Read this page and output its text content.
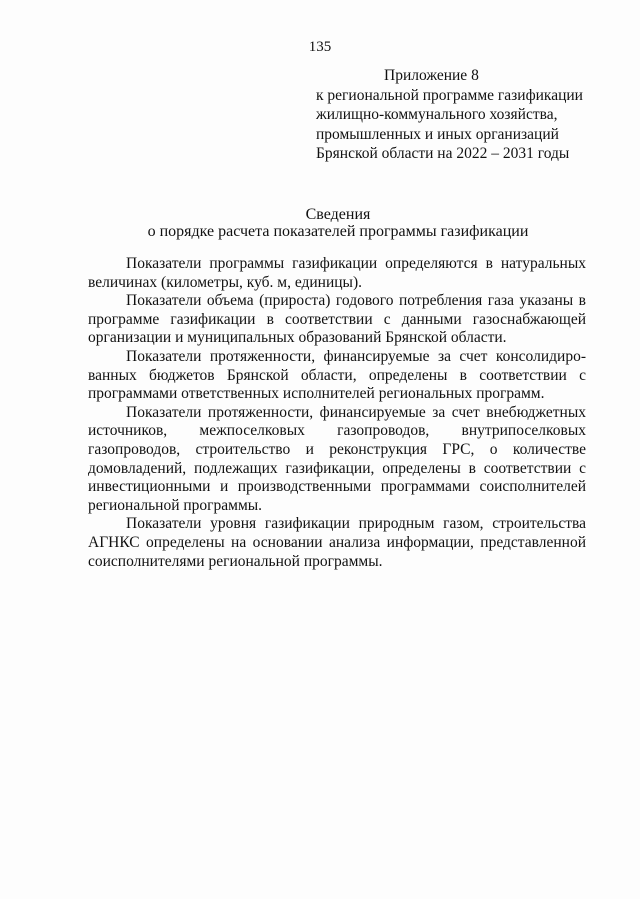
135
Приложение 8
к региональной программе газификации
жилищно-коммунального хозяйства,
промышленных и иных организаций
Брянской области на 2022 – 2031 годы
Сведения
о порядке расчета показателей программы газификации

Показатели программы газификации определяются в натуральных величинах (километры, куб. м, единицы).

Показатели объема (прироста) годового потребления газа указаны в программе газификации в соответствии с данными газоснабжающей организации и муниципальных образований Брянской области.

Показатели протяженности, финансируемые за счет консолидированных бюджетов Брянской области, определены в соответствии с программами ответственных исполнителей региональных программ.

Показатели протяженности, финансируемые за счет внебюджетных источников, межпоселковых газопроводов, внутрипоселковых газопроводов, строительство и реконструкция ГРС, о количестве домовладений, подлежащих газификации, определены в соответствии с инвестиционными и производственными программами соисполнителей региональной программы.

Показатели уровня газификации природным газом, строительства АГНКС определены на основании анализа информации, представленной соисполнителями региональной программы.
